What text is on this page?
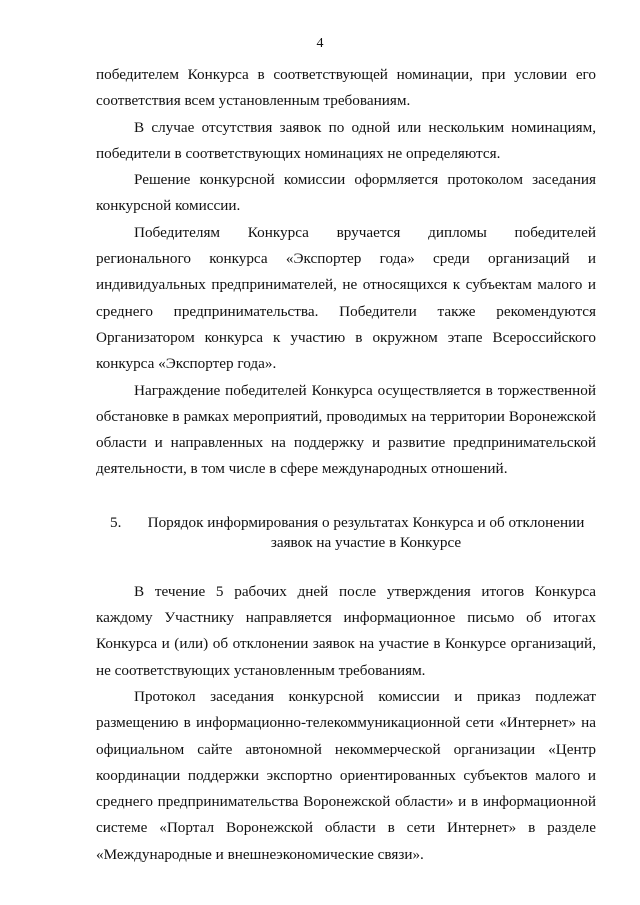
4

победителем Конкурса в соответствующей номинации, при условии его соответствия всем установленным требованиям.

В случае отсутствия заявок по одной или нескольким номинациям, победители в соответствующих номинациях не определяются.

Решение конкурсной комиссии оформляется протоколом заседания конкурсной комиссии.

Победителям Конкурса вручается дипломы победителей регионального конкурса «Экспортер года» среди организаций и индивидуальных предпринимателей, не относящихся к субъектам малого и среднего предпринимательства. Победители также рекомендуются Организатором конкурса к участию в окружном этапе Всероссийского конкурса «Экспортер года».

Награждение победителей Конкурса осуществляется в торжественной обстановке в рамках мероприятий, проводимых на территории Воронежской области и направленных на поддержку и развитие предпринимательской деятельности, в том числе в сфере международных отношений.

5.	Порядок информирования о результатах Конкурса и об отклонении заявок на участие в Конкурсе

В течение 5 рабочих дней после утверждения итогов Конкурса каждому Участнику направляется информационное письмо об итогах Конкурса и (или) об отклонении заявок на участие в Конкурсе организаций, не соответствующих установленным требованиям.

Протокол заседания конкурсной комиссии и приказ подлежат размещению в информационно-телекоммуникационной сети «Интернет» на официальном сайте автономной некоммерческой организации «Центр координации поддержки экспортно ориентированных субъектов малого и среднего предпринимательства Воронежской области» и в информационной системе «Портал Воронежской области в сети Интернет» в разделе «Международные и внешнеэкономические связи».
